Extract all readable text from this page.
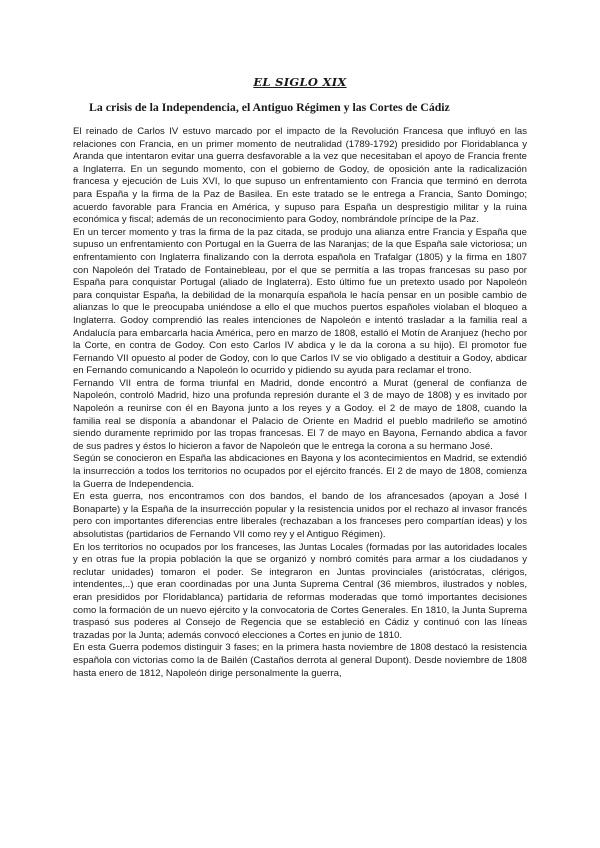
EL SIGLO XIX
La crisis de la Independencia, el Antiguo Régimen y las Cortes de Cádiz

El reinado de Carlos IV estuvo marcado por el impacto de la Revolución Francesa que influyó en las relaciones con Francia, en un primer momento de neutralidad (1789-1792) presidido por Floridablanca y Aranda que intentaron evitar una guerra desfavorable a la vez que necesitaban el apoyo de Francia frente a Inglaterra. En un segundo momento, con el gobierno de Godoy, de oposición ante la radicalización francesa y ejecución de Luis XVI, lo que supuso un enfrentamiento con Francia que terminó en derrota para España y la firma de la Paz de Basilea. En este tratado se le entrega a Francia, Santo Domingo; acuerdo favorable para Francia en América, y supuso para España un desprestigio militar y la ruina económica y fiscal; además de un reconocimiento para Godoy, nombrándole príncipe de la Paz.

En un tercer momento y tras la firma de la paz citada, se produjo una alianza entre Francia y España que supuso un enfrentamiento con Portugal en la Guerra de las Naranjas; de la que España sale victoriosa; un enfrentamiento con Inglaterra finalizando con la derrota española en Trafalgar (1805) y la firma en 1807 con Napoleón del Tratado de Fontainebleau, por el que se permitía a las tropas francesas su paso por España para conquistar Portugal (aliado de Inglaterra). Esto último fue un pretexto usado por Napoleón para conquistar España, la debilidad de la monarquía española le hacía pensar en un posible cambio de alianzas lo que le preocupaba uniéndose a ello el que muchos puertos españoles violaban el bloqueo a Inglaterra. Godoy comprendió las reales intenciones de Napoleón e intentó trasladar a la familia real a Andalucía para embarcarla hacia América, pero en marzo de 1808, estalló el Motín de Aranjuez (hecho por la Corte, en contra de Godoy. Con esto Carlos IV abdica y le da la corona a su hijo). El promotor fue Fernando VII opuesto al poder de Godoy, con lo que Carlos IV se vio obligado a destituir a Godoy, abdicar en Fernando comunicando a Napoleón lo ocurrido y pidiendo su ayuda para reclamar el trono.

Fernando VII entra de forma triunfal en Madrid, donde encontró a Murat (general de confianza de Napoleón, controló Madrid, hizo una profunda represión durante el 3 de mayo de 1808) y es invitado por Napoleón a reunirse con él en Bayona junto a los reyes y a Godoy. el 2 de mayo de 1808, cuando la familia real se disponía a abandonar el Palacio de Oriente en Madrid el pueblo madrileño se amotinó siendo duramente reprimido por las tropas francesas. El 7 de mayo en Bayona, Fernando abdica a favor de sus padres y éstos lo hicieron a favor de Napoleón que le entrega la corona a su hermano José.

Según se conocieron en España las abdicaciones en Bayona y los acontecimientos en Madrid, se extendió la insurrección a todos los territorios no ocupados por el ejército francés. El 2 de mayo de 1808, comienza la Guerra de Independencia.

En esta guerra, nos encontramos con dos bandos, el bando de los afrancesados (apoyan a José I Bonaparte) y la España de la insurrección popular y la resistencia unidos por el rechazo al invasor francés pero con importantes diferencias entre liberales (rechazaban a los franceses pero compartían ideas) y los absolutistas (partidarios de Fernando VII como rey y el Antiguo Régimen).

En los territorios no ocupados por los franceses, las Juntas Locales (formadas por las autoridades locales y en otras fue la propia población la que se organizó y nombró comités para armar a los ciudadanos y reclutar unidades) tomaron el poder. Se integraron en Juntas provinciales (aristócratas, clérigos, intendentes,..) que eran coordinadas por una Junta Suprema Central (36 miembros, ilustrados y nobles, eran presididos por Floridablanca) partidaria de reformas moderadas que tomó importantes decisiones como la formación de un nuevo ejército y la convocatoria de Cortes Generales. En 1810, la Junta Suprema traspasó sus poderes al Consejo de Regencia que se estableció en Cádiz y continuó con las líneas trazadas por la Junta; además convocó elecciones a Cortes en junio de 1810.

En esta Guerra podemos distinguir 3 fases; en la primera hasta noviembre de 1808 destacó la resistencia española con victorias como la de Bailén (Castaños derrota al general Dupont). Desde noviembre de 1808 hasta enero de 1812, Napoleón dirige personalmente la guerra,
